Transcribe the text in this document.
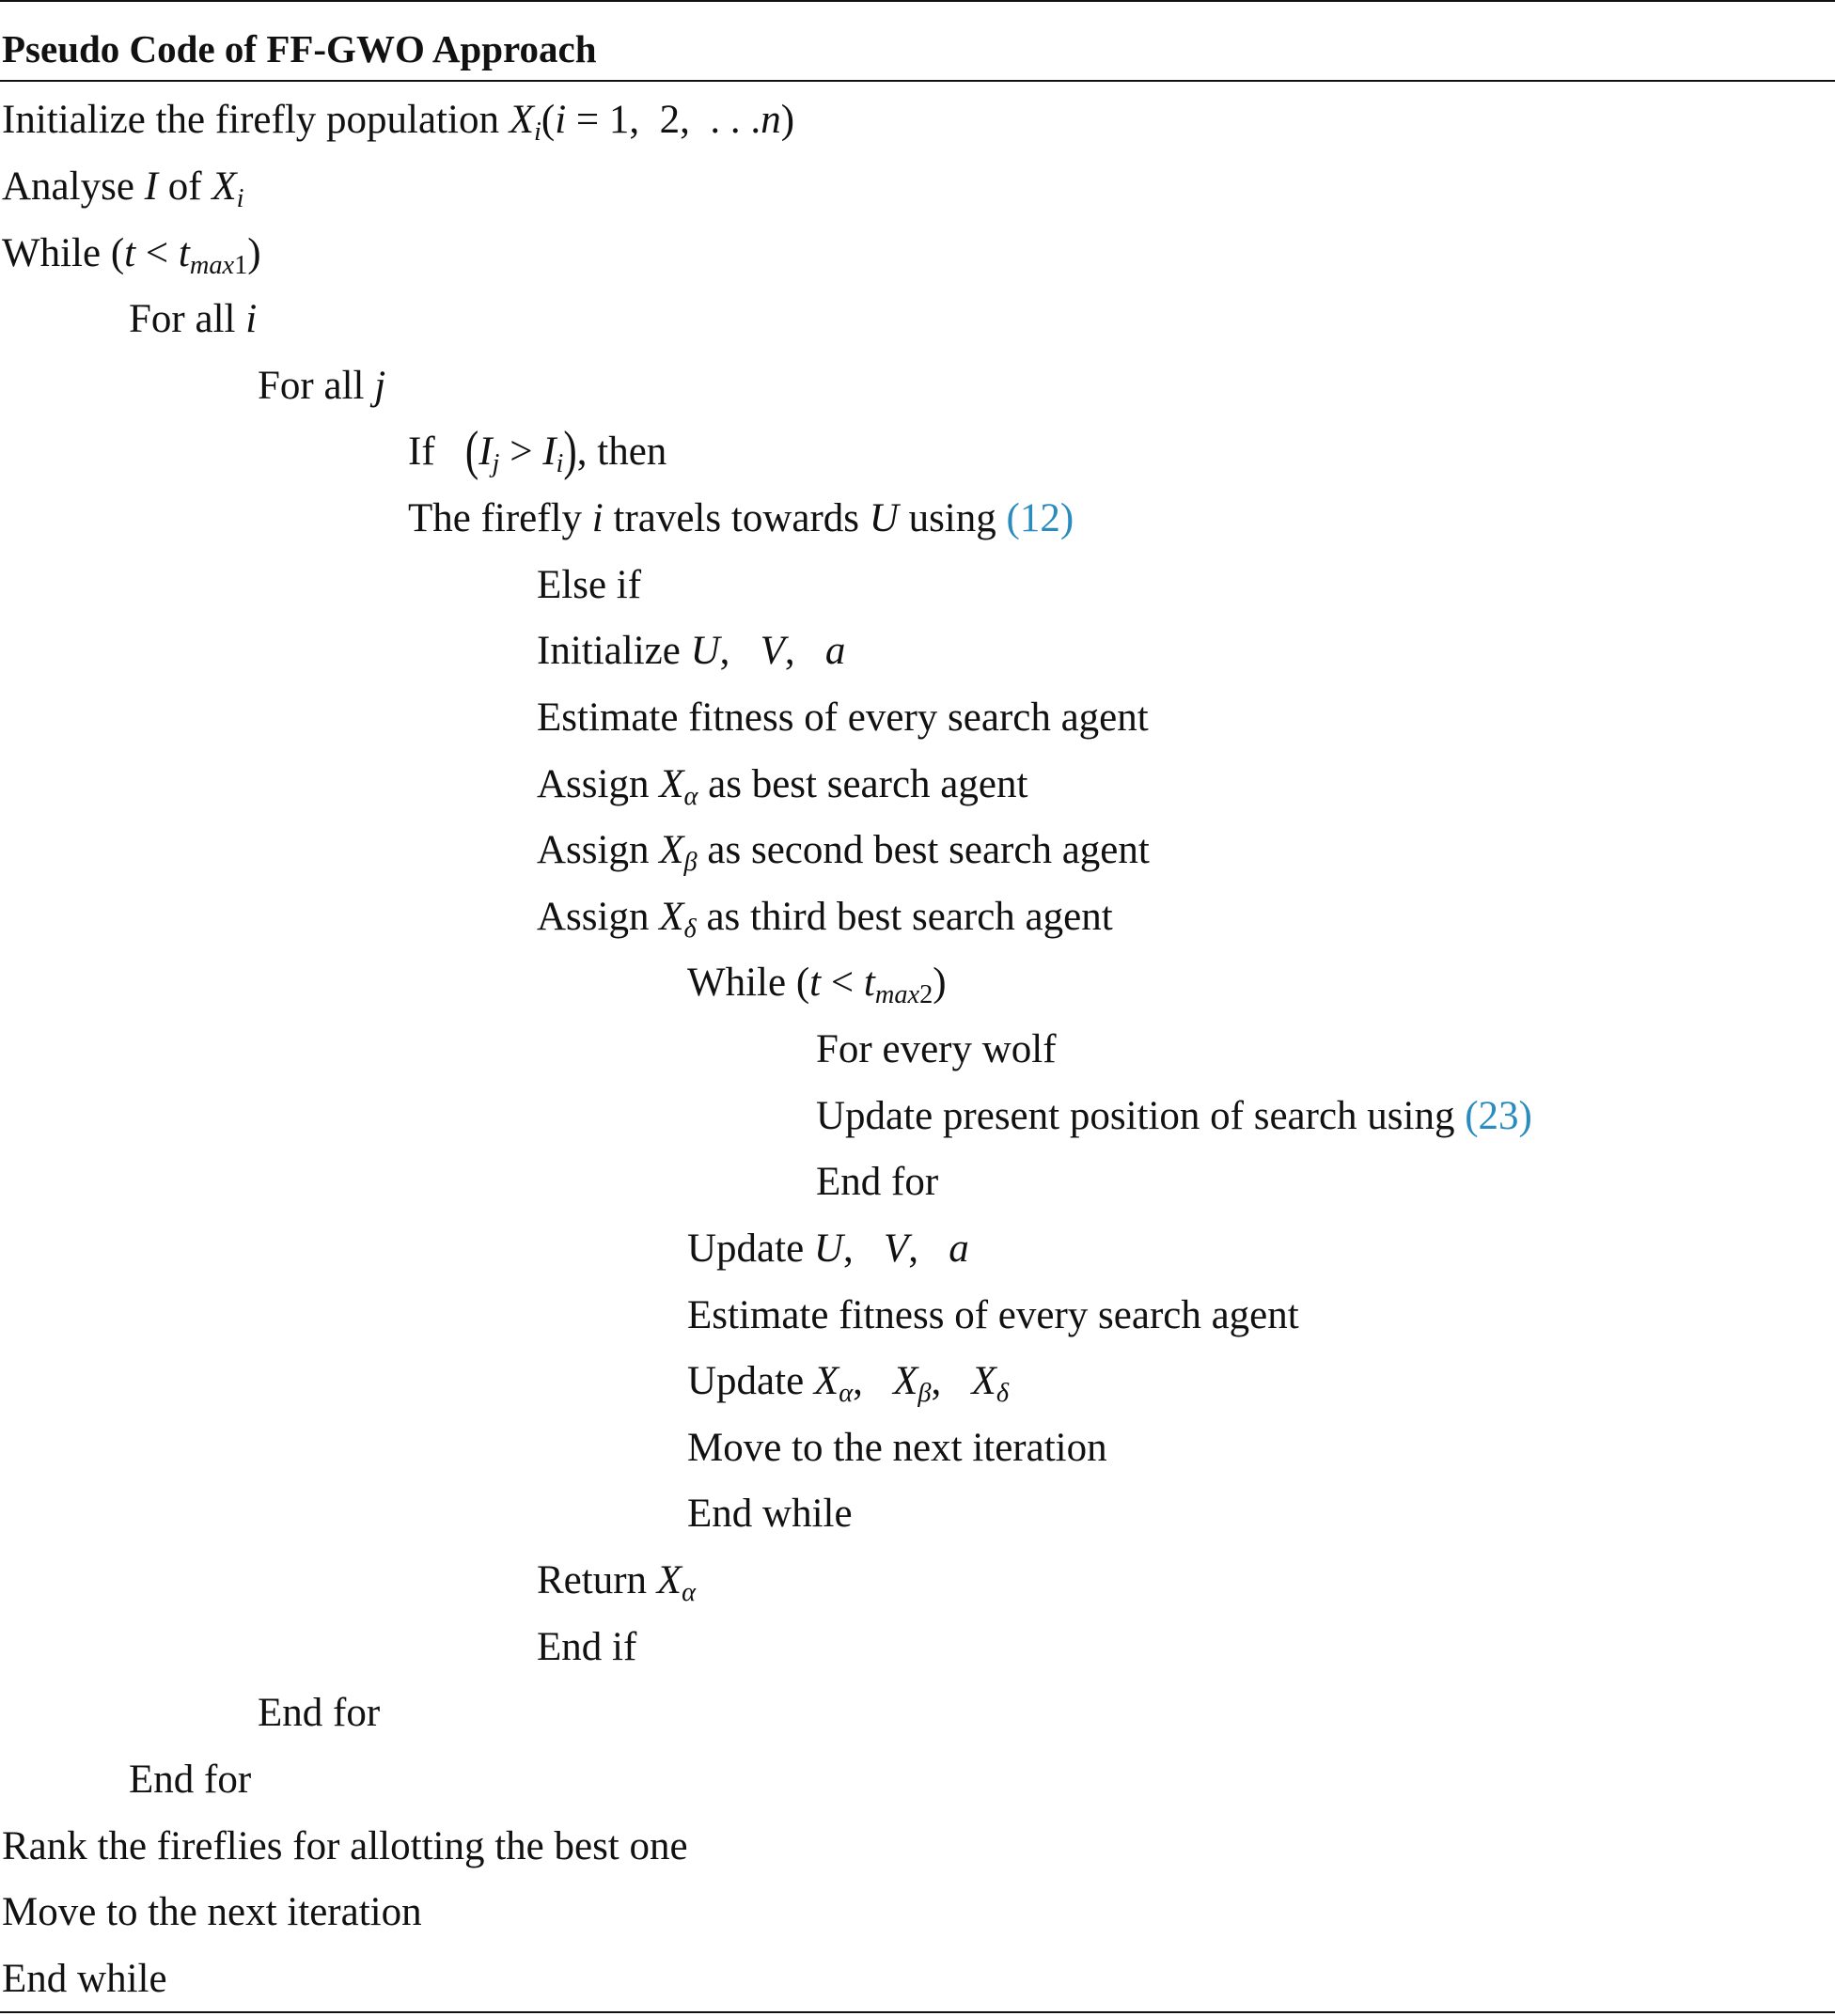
Pseudo Code of FF-GWO Approach
Initialize the firefly population $X_i(i = 1$,  2,  . . .n)
Analyse I of $X_i$
While $(t < t_{max1})$
For all i
For all j
If $(I_j > I_i)$, then
The firefly i travels towards U using (12)
Else if
Initialize U,   V,   a
Estimate fitness of every search agent
Assign $X_\alpha$ as best search agent
Assign $X_\beta$ as second best search agent
Assign $X_\delta$ as third best search agent
While $(t < t_{max2})$
For every wolf
Update present position of search using (23)
End for
Update U,   V,   a
Estimate fitness of every search agent
Update $X_\alpha$,   $X_\beta$,   $X_\delta$
Move to the next iteration
End while
Return $X_\alpha$
End if
End for
End for
Rank the fireflies for allotting the best one
Move to the next iteration
End while
